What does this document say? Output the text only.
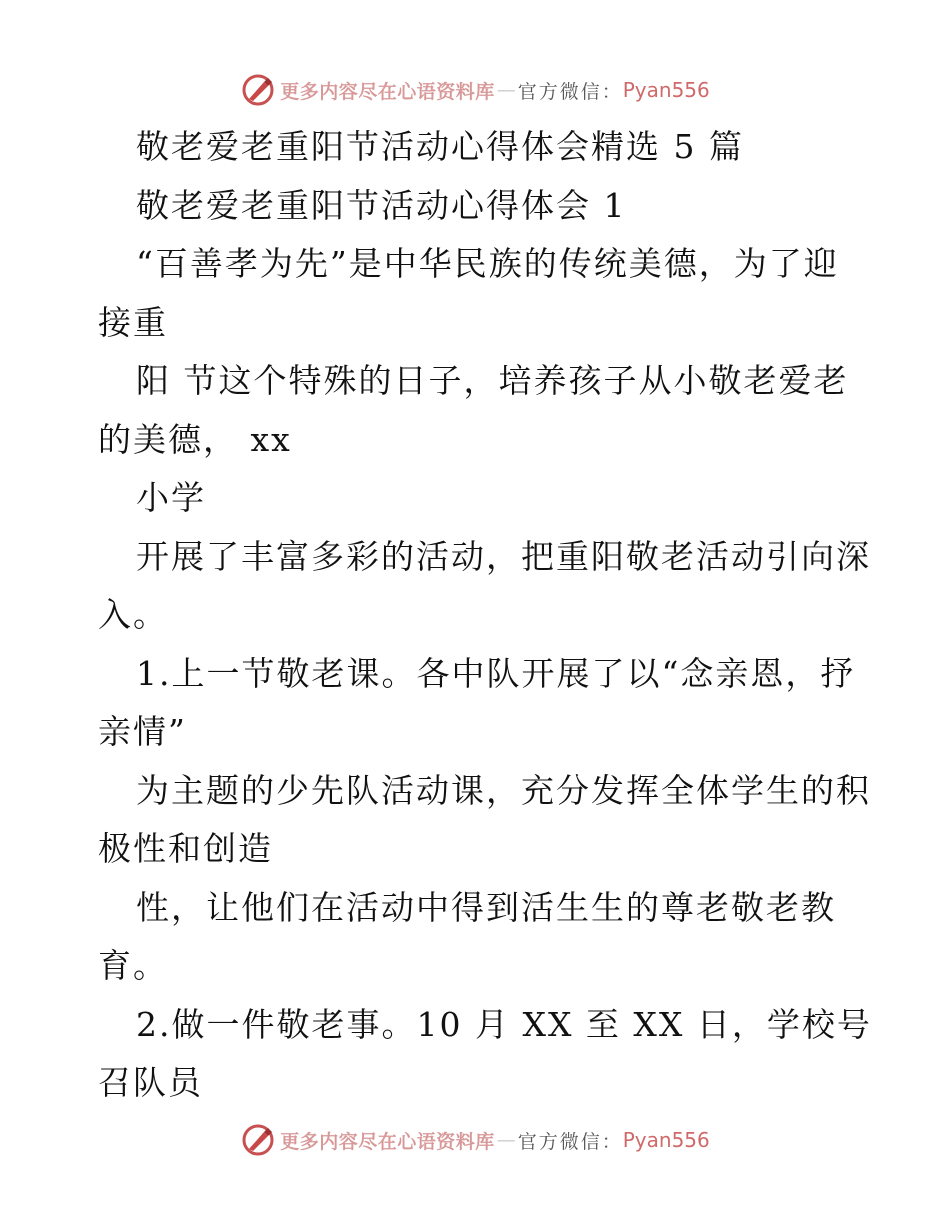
更多内容尽在心语资料库 — 官方微信： Pyan556
敬老爱老重阳节活动心得体会精选 5 篇
敬老爱老重阳节活动心得体会 1
“百善孝为先”是中华民族的传统美德，为了迎
接重
阳 节这个特殊的日子，培养孩子从小敬老爱老
的美德， xx
小学
开展了丰富多彩的活动，把重阳敬老活动引向深
入。
1.上一节敬老课。各中队开展了以“念亲恩，抒
亲情”
为主题的少先队活动课，充分发挥全体学生的积
极性和创造
性，让他们在活动中得到活生生的尊老敬老教
育。
2.做一件敬老事。10 月 XX 至 XX 日，学校号
召队员
更多内容尽在心语资料库 — 官方微信： Pyan556
